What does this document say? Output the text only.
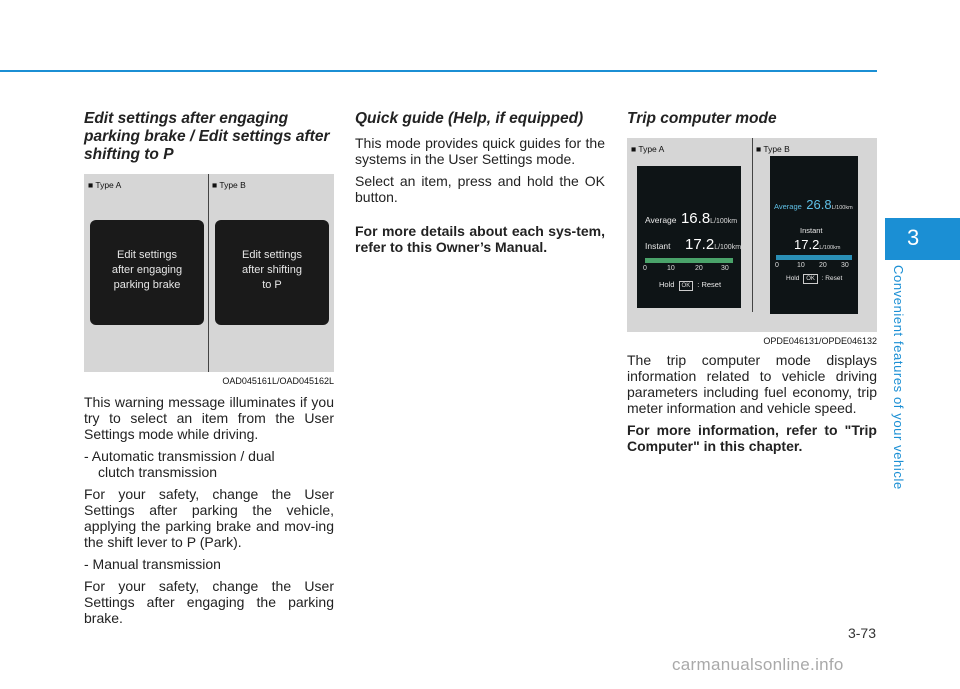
3
Convenient features of your vehicle
Edit settings after engaging parking brake / Edit settings after shifting to P
■ Type A	■ Type B
Edit settings
after engaging
parking brake
Edit settings
after shifting
to P
OAD045161L/OAD045162L

This warning message illuminates if you try to select an item from the User Settings mode while driving.

- Automatic transmission / dual
clutch transmission

For your safety, change the User Settings after parking the vehicle, applying the parking brake and mov-ing the shift lever to P (Park).

- Manual transmission

For your safety, change the User Settings after engaging the parking brake.

Quick guide (Help, if equipped)

This mode provides quick guides for the systems in the User Settings mode.

Select an item, press and hold the OK button.

For more details about each sys-tem, refer to this Owner’s Manual.

Trip computer mode
■ Type A	■ Type B
Average 16.8L/100km
Instant 17.2L/100km
0	10	20	30
Hold OK : Reset
Average 26.8L/100km
Instant
17.2L/100km
0	10 20 30
Hold OK : Reset
OPDE046131/OPDE046132

The trip computer mode displays information related to vehicle driving parameters including fuel economy, trip meter information and vehicle speed.

For more information, refer to "Trip Computer" in this chapter.

3-73
carmanualsonline.info
